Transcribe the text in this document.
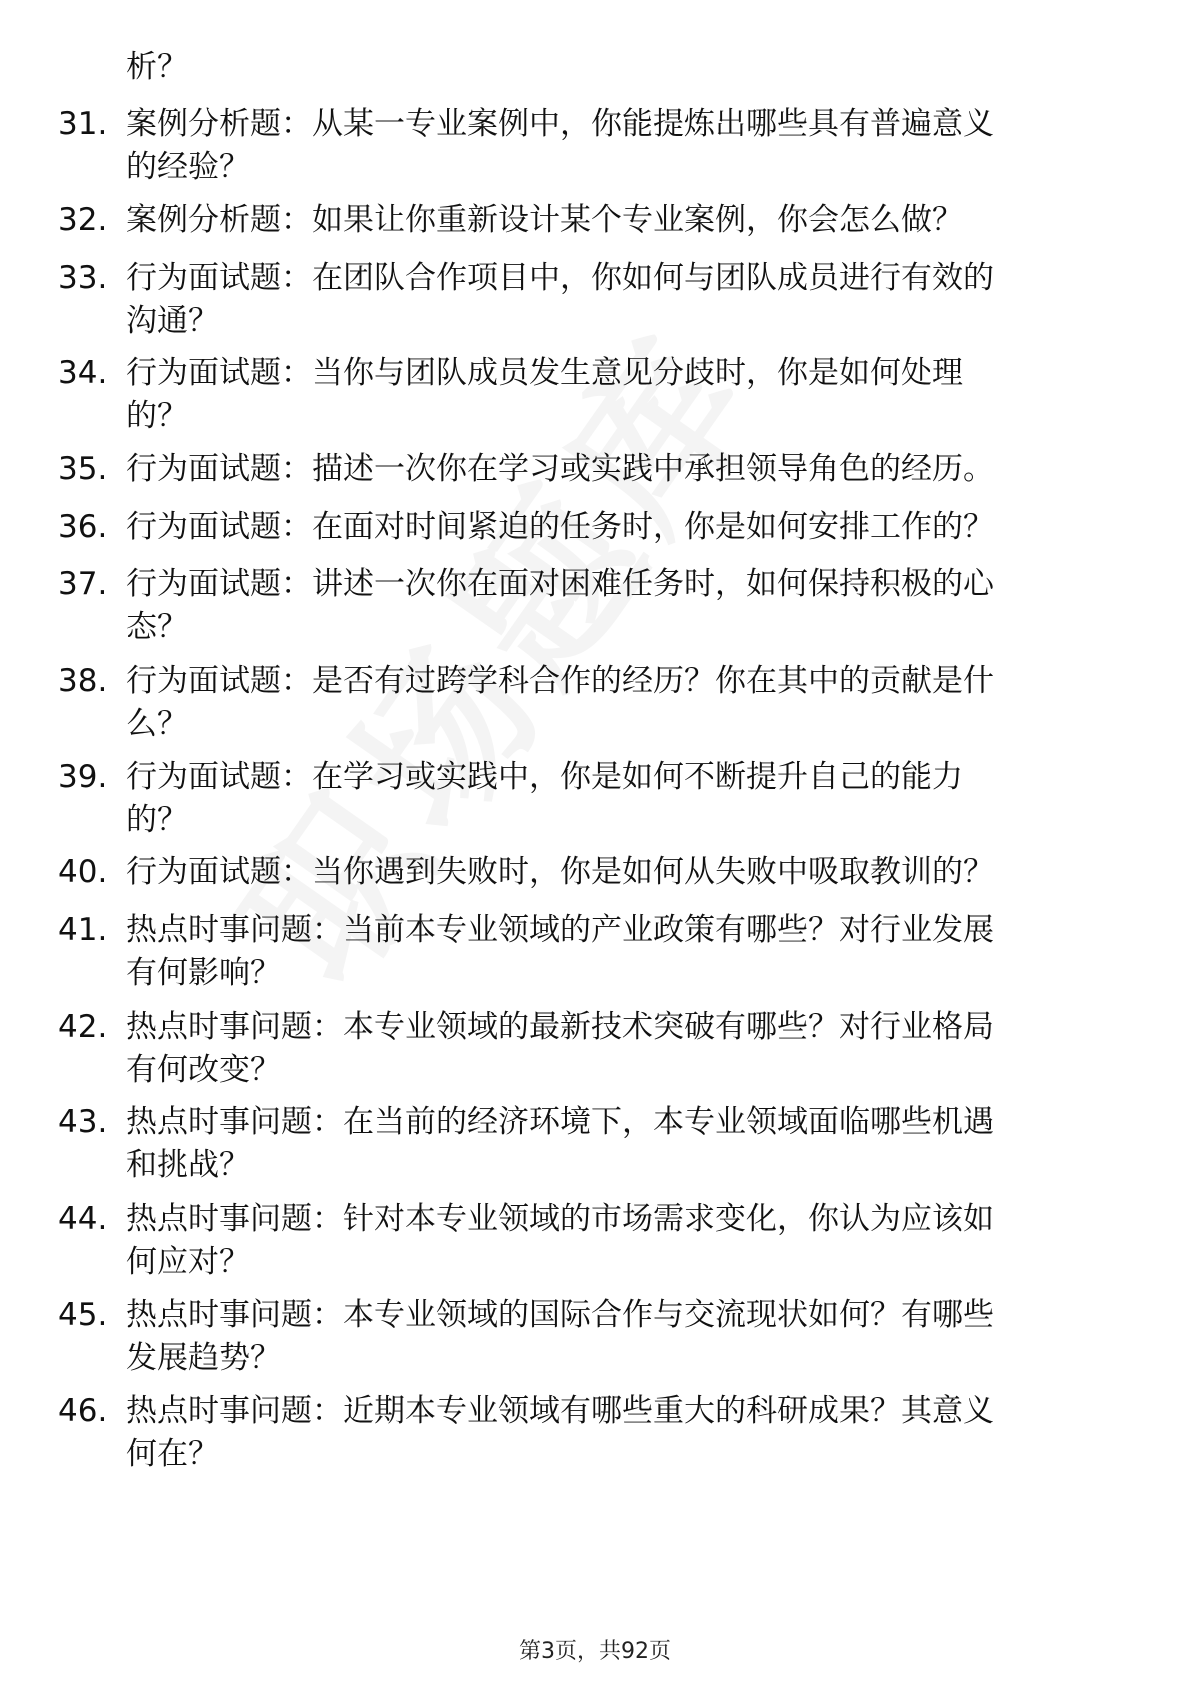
析？
31. 案例分析题：从某一专业案例中，你能提炼出哪些具有普遍意义
的经验？
32. 案例分析题：如果让你重新设计某个专业案例，你会怎么做？
33. 行为面试题：在团队合作项目中，你如何与团队成员进行有效的
沟通？
34. 行为面试题：当你与团队成员发生意见分歧时，你是如何处理
的？
35. 行为面试题：描述一次你在学习或实践中承担领导角色的经历。
36. 行为面试题：在面对时间紧迫的任务时，你是如何安排工作的？
37. 行为面试题：讲述一次你在面对困难任务时，如何保持积极的心
态？
38. 行为面试题：是否有过跨学科合作的经历？你在其中的贡献是什
么？
39. 行为面试题：在学习或实践中，你是如何不断提升自己的能力
的？
40. 行为面试题：当你遇到失败时，你是如何从失败中吸取教训的？
41. 热点时事问题：当前本专业领域的产业政策有哪些？对行业发展
有何影响？
42. 热点时事问题：本专业领域的最新技术突破有哪些？对行业格局
有何改变？
43. 热点时事问题：在当前的经济环境下，本专业领域面临哪些机遇
和挑战？
44. 热点时事问题：针对本专业领域的市场需求变化，你认为应该如
何应对？
45. 热点时事问题：本专业领域的国际合作与交流现状如何？有哪些
发展趋势？
46. 热点时事问题：近期本专业领域有哪些重大的科研成果？其意义
何在？
第3页，共92页
